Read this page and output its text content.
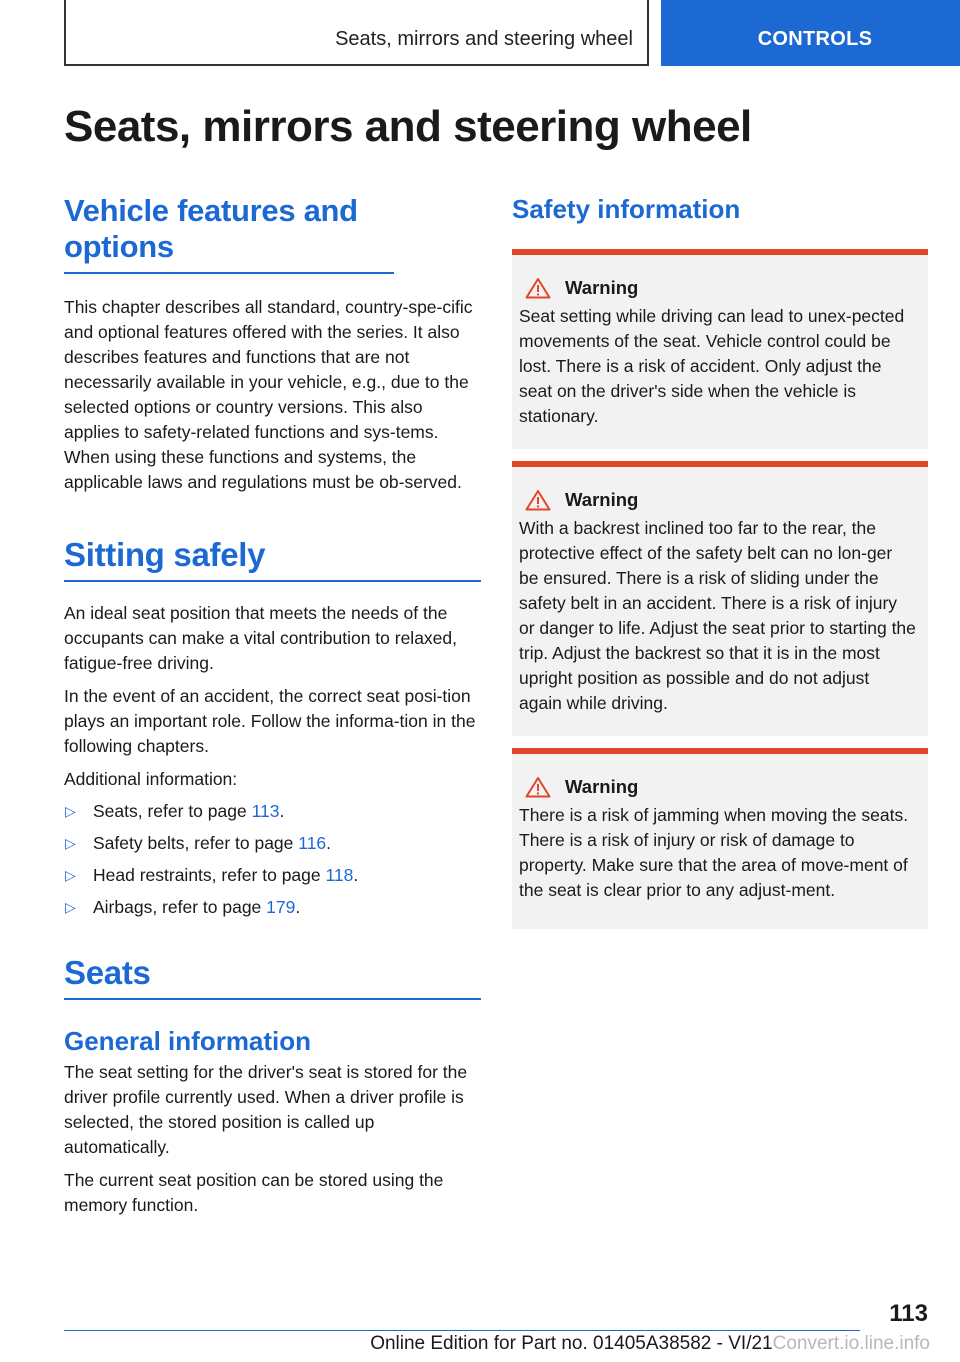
Seats, mirrors and steering wheel	CONTROLS
Seats, mirrors and steering wheel
Vehicle features and options

This chapter describes all standard, country-spe‐cific and optional features offered with the series. It also describes features and functions that are not necessarily available in your vehicle, e.g., due to the selected options or country versions. This also applies to safety-related functions and sys‐tems. When using these functions and systems, the applicable laws and regulations must be ob‐served.

Sitting safely

An ideal seat position that meets the needs of the occupants can make a vital contribution to relaxed, fatigue-free driving.

In the event of an accident, the correct seat posi‐tion plays an important role. Follow the informa‐tion in the following chapters.

Additional information:

▷ Seats, refer to page 113.
▷ Safety belts, refer to page 116.
▷ Head restraints, refer to page 118.
▷ Airbags, refer to page 179.
Seats
General information

The seat setting for the driver's seat is stored for the driver profile currently used. When a driver profile is selected, the stored position is called up automatically.

The current seat position can be stored using the memory function.

Safety information
Warning

Seat setting while driving can lead to unex‐pected movements of the seat. Vehicle control could be lost. There is a risk of accident. Only adjust the seat on the driver's side when the vehicle is stationary.

Warning

With a backrest inclined too far to the rear, the protective effect of the safety belt can no lon‐ger be ensured. There is a risk of sliding under the safety belt in an accident. There is a risk of injury or danger to life. Adjust the seat prior to starting the trip. Adjust the backrest so that it is in the most upright position as possible and do not adjust again while driving.

Warning

There is a risk of jamming when moving the seats. There is a risk of injury or risk of damage to property. Make sure that the area of move‐ment of the seat is clear prior to any adjust‐ment.

113
Online Edition for Part no. 01405A38582 - VI/21Convert.io.line.info
